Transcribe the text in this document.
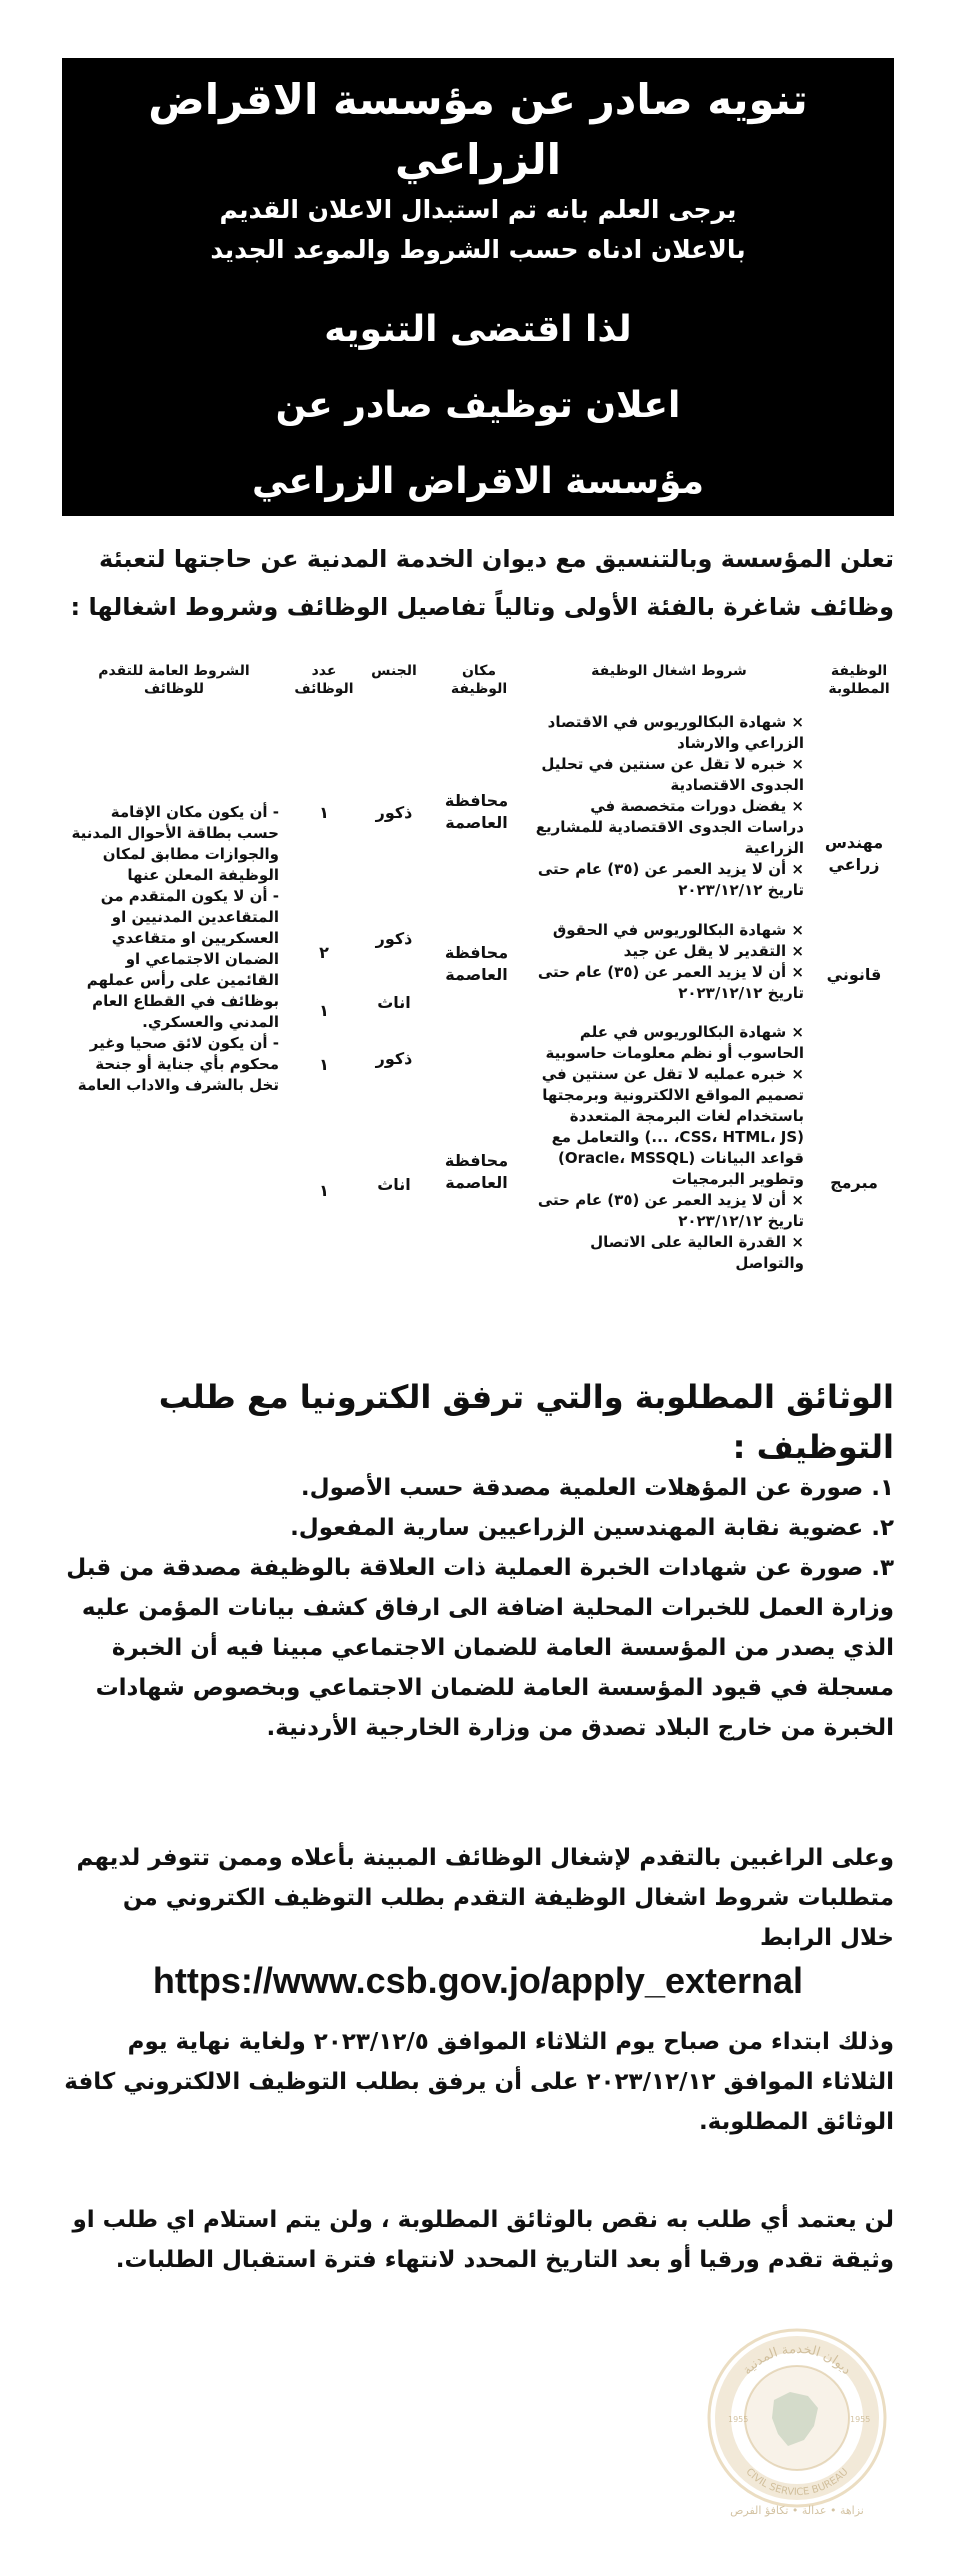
تنويه صادر عن مؤسسة الاقراض الزراعي

يرجى العلم بانه تم استبدال الاعلان القديم

بالاعلان ادناه حسب الشروط والموعد الجديد

لذا اقتضى التنويه

اعلان توظيف صادر عن

مؤسسة الاقراض الزراعي

تعلن المؤسسة وبالتنسيق مع ديوان الخدمة المدنية عن حاجتها لتعبئة
وظائف شاغرة بالفئة الأولى وتالياً تفاصيل الوظائف وشروط اشغالها :
الوظيفة المطلوبة
شروط اشغال الوظيفة
مكان الوظيفة
الجنس
عدد الوظائف
الشروط العامة للتقدم للوظائف
مهندس زراعي
× شهادة البكالوريوس في الاقتصاد الزراعي والارشاد
× خبره لا تقل عن سنتين في تحليل الجدوى الاقتصادية
× يفضل دورات متخصصة في دراسات الجدوى الاقتصادية للمشاريع الزراعية
× أن لا يزيد العمر عن (٣٥) عام حتى تاريخ ٢٠٢٣/١٢/١٢
محافظة العاصمة
ذكور
١
قانوني
× شهادة البكالوريوس في الحقوق
× التقدير لا يقل عن جيد
× أن لا يزيد العمر عن (٣٥) عام حتى تاريخ ٢٠٢٣/١٢/١٢
محافظة العاصمة
ذكور
٢
اناث
١
مبرمج
× شهادة البكالوريوس في علم الحاسوب أو نظم معلومات حاسوبية
× خبره عمليه لا تقل عن سنتين في تصميم المواقع الالكترونية وبرمجتها باستخدام لغات البرمجة المتعددة (CSS، HTML، JS، ...) والتعامل مع قواعد البيانات (Oracle، MSSQL) وتطوير البرمجيات
× أن لا يزيد العمر عن (٣٥) عام حتى تاريخ ٢٠٢٣/١٢/١٢
× القدرة العالية على الاتصال والتواصل
محافظة العاصمة
ذكور
١
اناث
١
- أن يكون مكان الإقامة حسب بطاقة الأحوال المدنية والجوازات مطابق لمكان الوظيفة المعلن عنها
- أن لا يكون المتقدم من المتقاعدين المدنيين او العسكريين او متقاعدي الضمان الاجتماعي او القائمين على رأس عملهم بوظائف في القطاع العام المدني والعسكري.
- أن يكون لائق صحيا وغير محكوم بأي جناية أو جنحة تخل بالشرف والاداب العامة
الوثائق المطلوبة والتي ترفق الكترونيا مع طلب التوظيف :

١. صورة عن المؤهلات العلمية مصدقة حسب الأصول.

٢. عضوية نقابة المهندسين الزراعيين سارية المفعول.

٣. صورة عن شهادات الخبرة العملية ذات العلاقة بالوظيفة مصدقة من قبل وزارة العمل للخبرات المحلية اضافة الى ارفاق كشف بيانات المؤمن عليه الذي يصدر من المؤسسة العامة للضمان الاجتماعي مبينا فيه أن الخبرة مسجلة في قيود المؤسسة العامة للضمان الاجتماعي وبخصوص شهادات الخبرة من خارج البلاد تصدق من وزارة الخارجية الأردنية.

وعلى الراغبين بالتقدم لإشغال الوظائف المبينة بأعلاه وممن تتوفر لديهم متطلبات شروط اشغال الوظيفة التقدم بطلب التوظيف الكتروني من خلال الرابط
https://www.csb.gov.jo/apply_external
وذلك ابتداء من صباح يوم الثلاثاء الموافق ٢٠٢٣/١٢/٥ ولغاية نهاية يوم الثلاثاء الموافق ٢٠٢٣/١٢/١٢ على أن يرفق بطلب التوظيف الالكتروني كافة الوثائق المطلوبة.
لن يعتمد أي طلب به نقص بالوثائق المطلوبة ، ولن يتم استلام اي طلب او وثيقة تقدم ورقيا أو بعد التاريخ المحدد لانتهاء فترة استقبال الطلبات.
ديوان الخدمة المدنية
CIVIL SERVICE BUREAU
1955	1955
نزاهة • عدالة • تكافؤ الفرص
